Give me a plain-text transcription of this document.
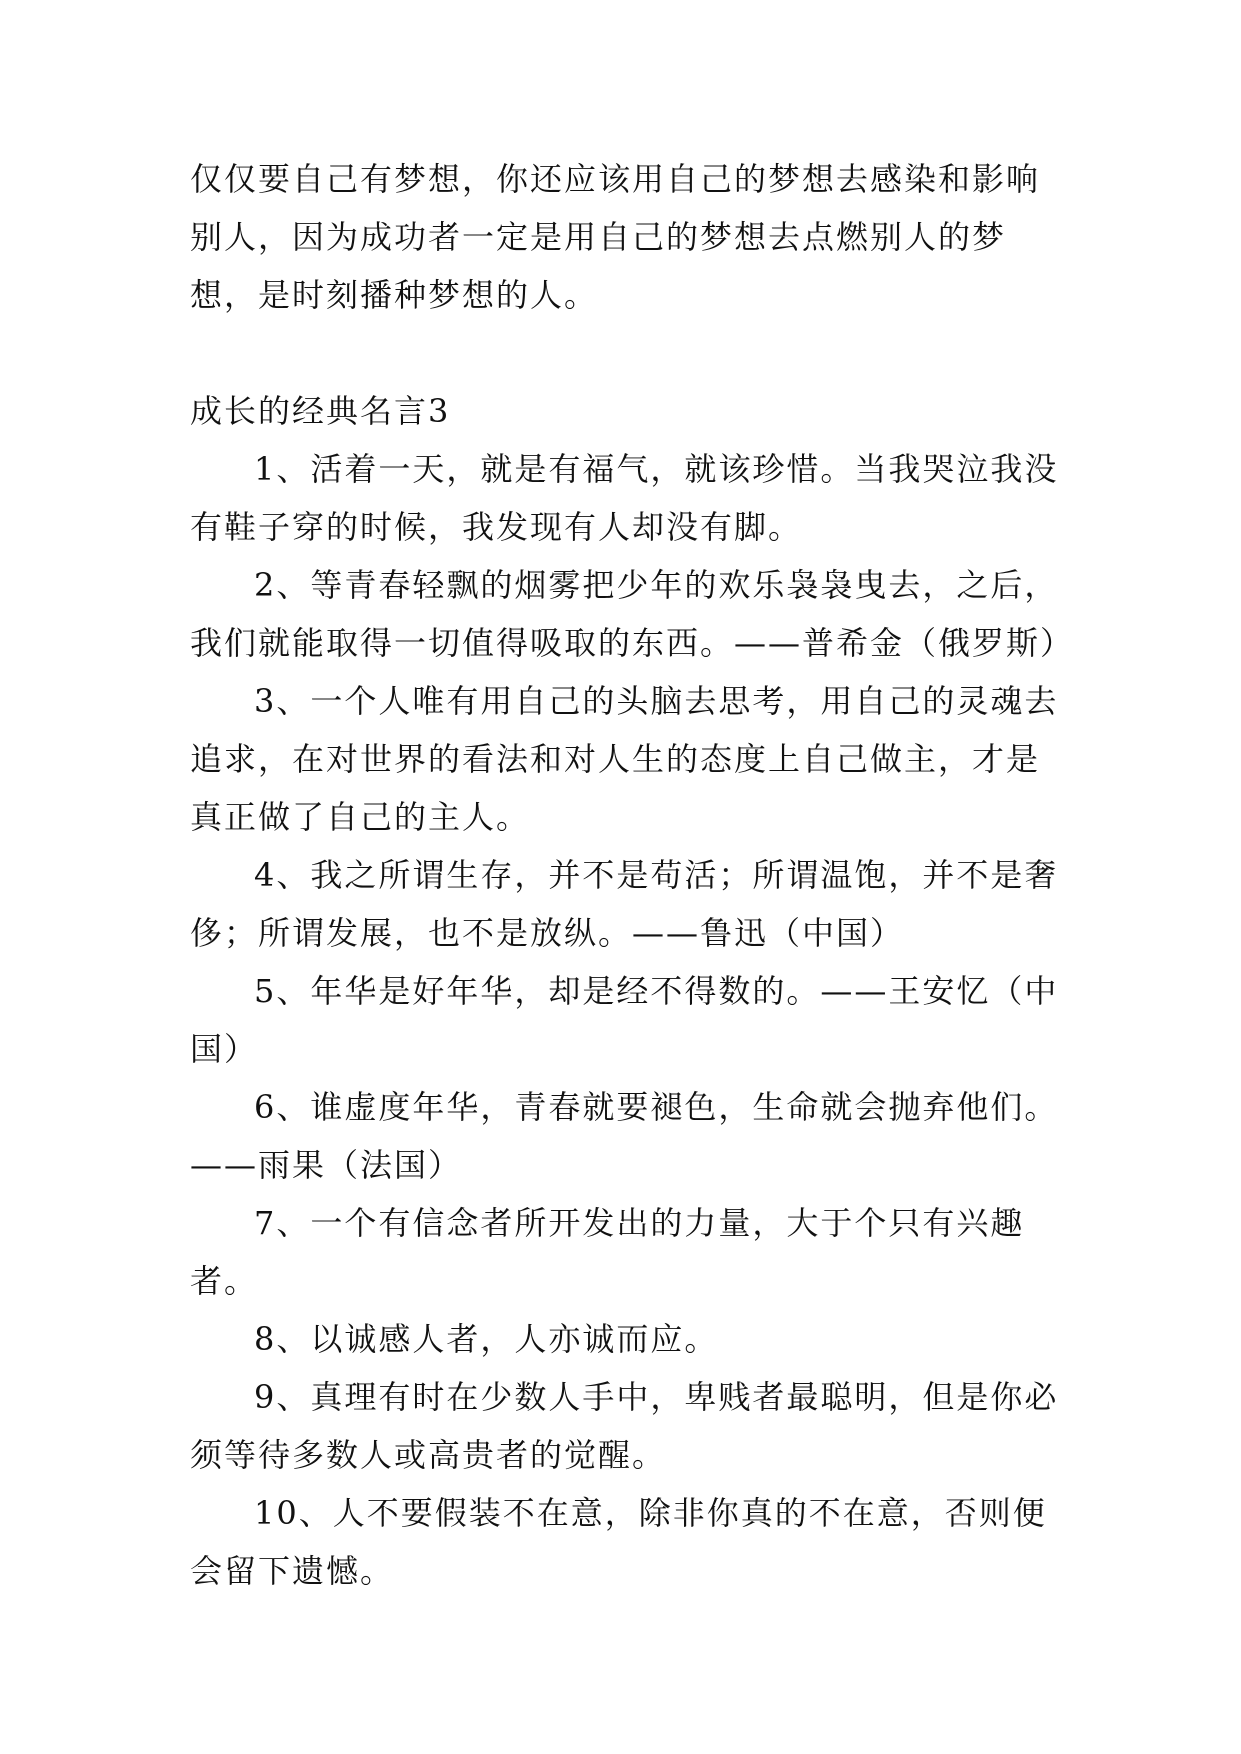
仅仅要自己有梦想，你还应该用自己的梦想去感染和影响别人，因为成功者一定是用自己的梦想去点燃别人的梦想，是时刻播种梦想的人。

成长的经典名言3

1、活着一天，就是有福气，就该珍惜。当我哭泣我没有鞋子穿的时候，我发现有人却没有脚。

2、等青春轻飘的烟雾把少年的欢乐袅袅曳去，之后，我们就能取得一切值得吸取的东西。——普希金（俄罗斯）

3、一个人唯有用自己的头脑去思考，用自己的灵魂去追求，在对世界的看法和对人生的态度上自己做主，才是真正做了自己的主人。

4、我之所谓生存，并不是苟活；所谓温饱，并不是奢侈；所谓发展，也不是放纵。——鲁迅（中国）

5、年华是好年华，却是经不得数的。——王安忆（中国）

6、谁虚度年华，青春就要褪色，生命就会抛弃他们。——雨果（法国）

7、一个有信念者所开发出的力量，大于个只有兴趣者。

8、以诚感人者，人亦诚而应。

9、真理有时在少数人手中，卑贱者最聪明，但是你必须等待多数人或高贵者的觉醒。

10、人不要假装不在意，除非你真的不在意，否则便会留下遗憾。
